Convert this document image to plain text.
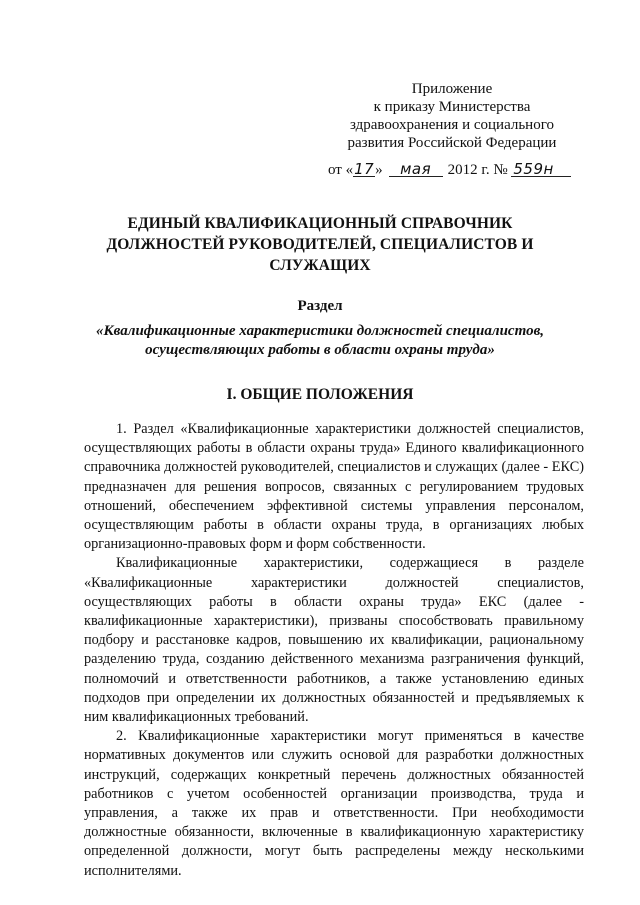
Приложение
к приказу Министерства
здравоохранения и социального
развития Российской Федерации
от «17» мая 2012 г. № 559н
ЕДИНЫЙ КВАЛИФИКАЦИОННЫЙ СПРАВОЧНИК
ДОЛЖНОСТЕЙ РУКОВОДИТЕЛЕЙ, СПЕЦИАЛИСТОВ И
СЛУЖАЩИХ
Раздел
«Квалификационные характеристики должностей специалистов,
осуществляющих работы в области охраны труда»
I. ОБЩИЕ ПОЛОЖЕНИЯ

1. Раздел «Квалификационные характеристики должностей специалистов, осуществляющих работы в области охраны труда» Единого квалификационного справочника должностей руководителей, специалистов и служащих (далее - ЕКС) предназначен для решения вопросов, связанных с регулированием трудовых отношений, обеспечением эффективной системы управления персоналом, осуществляющим работы в области охраны труда, в организациях любых организационно-правовых форм и форм собственности.

Квалификационные характеристики, содержащиеся в разделе «Квалификационные характеристики должностей специалистов, осуществляющих работы в области охраны труда» ЕКС (далее - квалификационные характеристики), призваны способствовать правильному подбору и расстановке кадров, повышению их квалификации, рациональному разделению труда, созданию действенного механизма разграничения функций, полномочий и ответственности работников, а также установлению единых подходов при определении их должностных обязанностей и предъявляемых к ним квалификационных требований.

2. Квалификационные характеристики могут применяться в качестве нормативных документов или служить основой для разработки должностных инструкций, содержащих конкретный перечень должностных обязанностей работников с учетом особенностей организации производства, труда и управления, а также их прав и ответственности. При необходимости должностные обязанности, включенные в квалификационную характеристику определенной должности, могут быть распределены между несколькими исполнителями.
